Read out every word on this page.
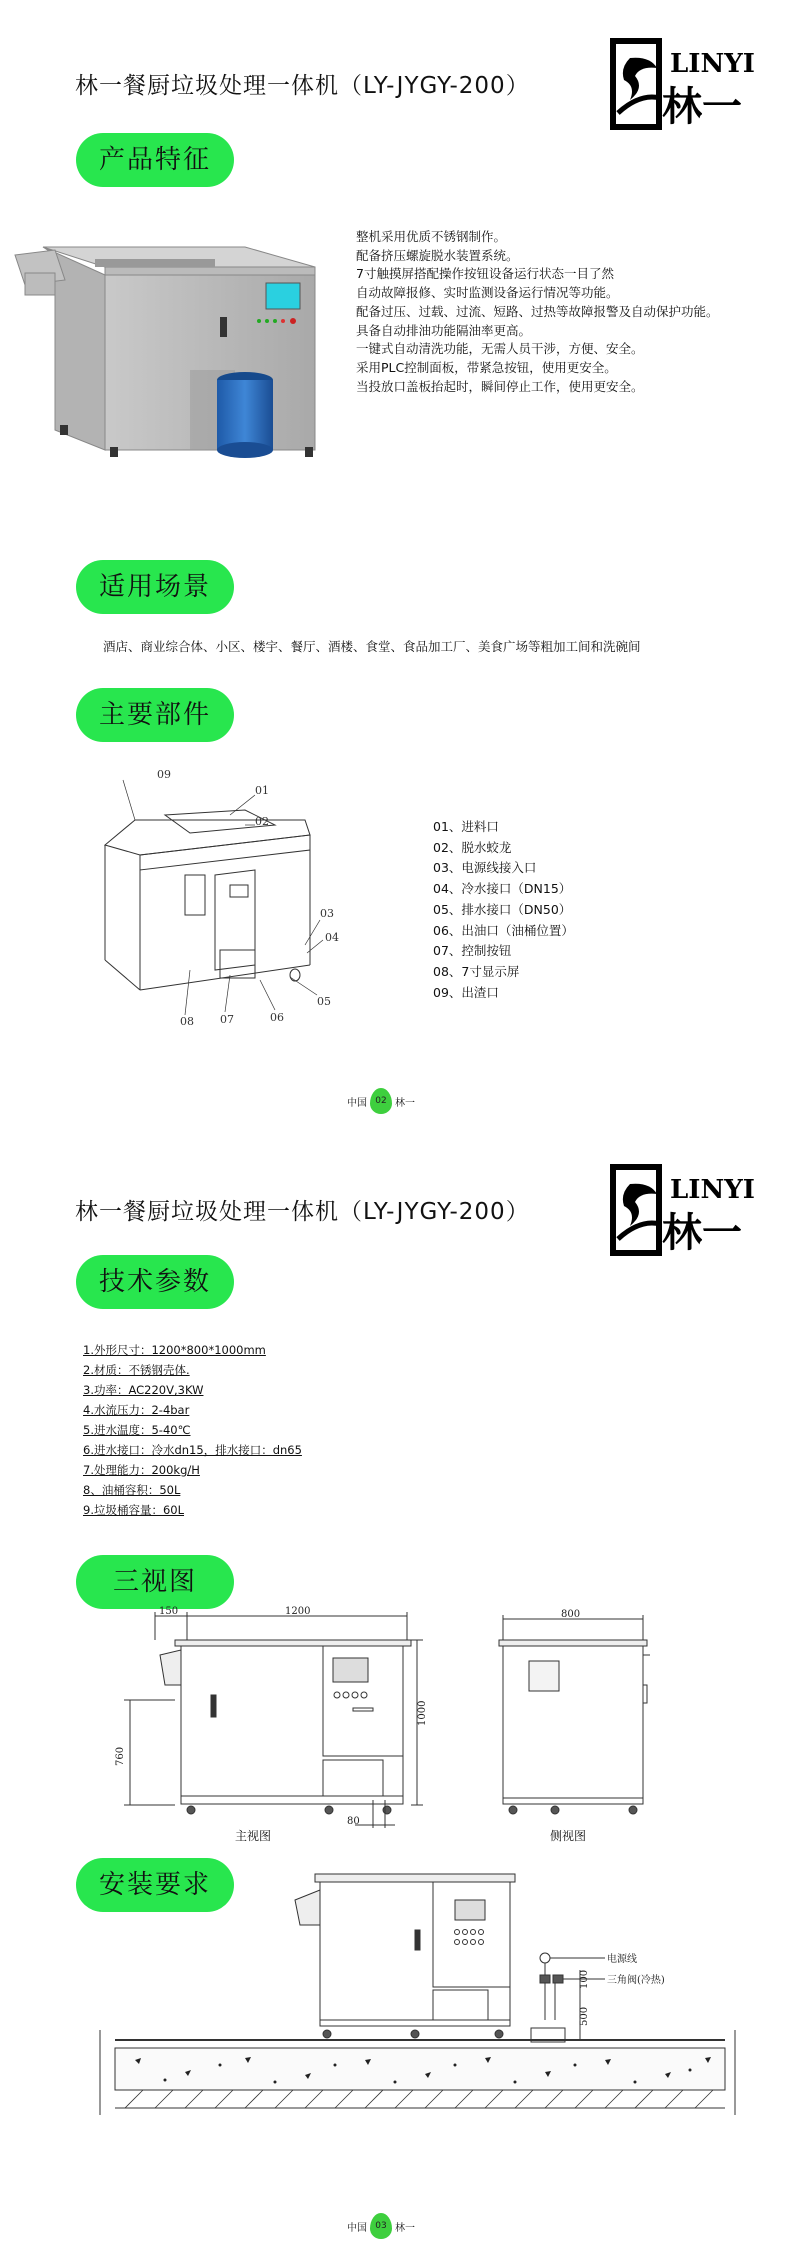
林一餐厨垃圾处理一体机（LY-JYGY-200）
LINYI
林一
产品特征
整机采用优质不锈钢制作。
配备挤压螺旋脱水装置系统。
7寸触摸屏搭配操作按钮设备运行状态一目了然
自动故障报修、实时监测设备运行情况等功能。
配备过压、过载、过流、短路、过热等故障报警及自动保护功能。
具备自动排油功能隔油率更高。
一键式自动清洗功能，无需人员干涉，方便、安全。
采用PLC控制面板，带紧急按钮，使用更安全。
当投放口盖板抬起时，瞬间停止工作，使用更安全。
适用场景
酒店、商业综合体、小区、楼宇、餐厅、酒楼、食堂、食品加工厂、美食广场等粗加工间和洗碗间
主要部件
09
01
02
03
04
05
06
07
08
01、进料口
02、脱水蛟龙
03、电源线接入口
04、冷水接口（DN15）
05、排水接口（DN50）
06、出油口（油桶位置）
07、控制按钮
08、7寸显示屏
09、出渣口
中国 02 林一
林一餐厨垃圾处理一体机（LY-JYGY-200）
LINYI
林一
技术参数
1.外形尺寸：1200*800*1000mm
2.材质：不锈钢壳体.
3.功率：AC220V,3KW
4.水流压力：2-4bar
5.进水温度：5-40℃
6.进水接口：冷水dn15，排水接口：dn65
7.处理能力：200kg/H
8、油桶容积：50L
9.垃圾桶容量：60L
三视图
150	1200
1000
760
80
主视图
800
侧视图
安装要求
电源线
三角阀(冷热)
100
500
中国 03 林一
